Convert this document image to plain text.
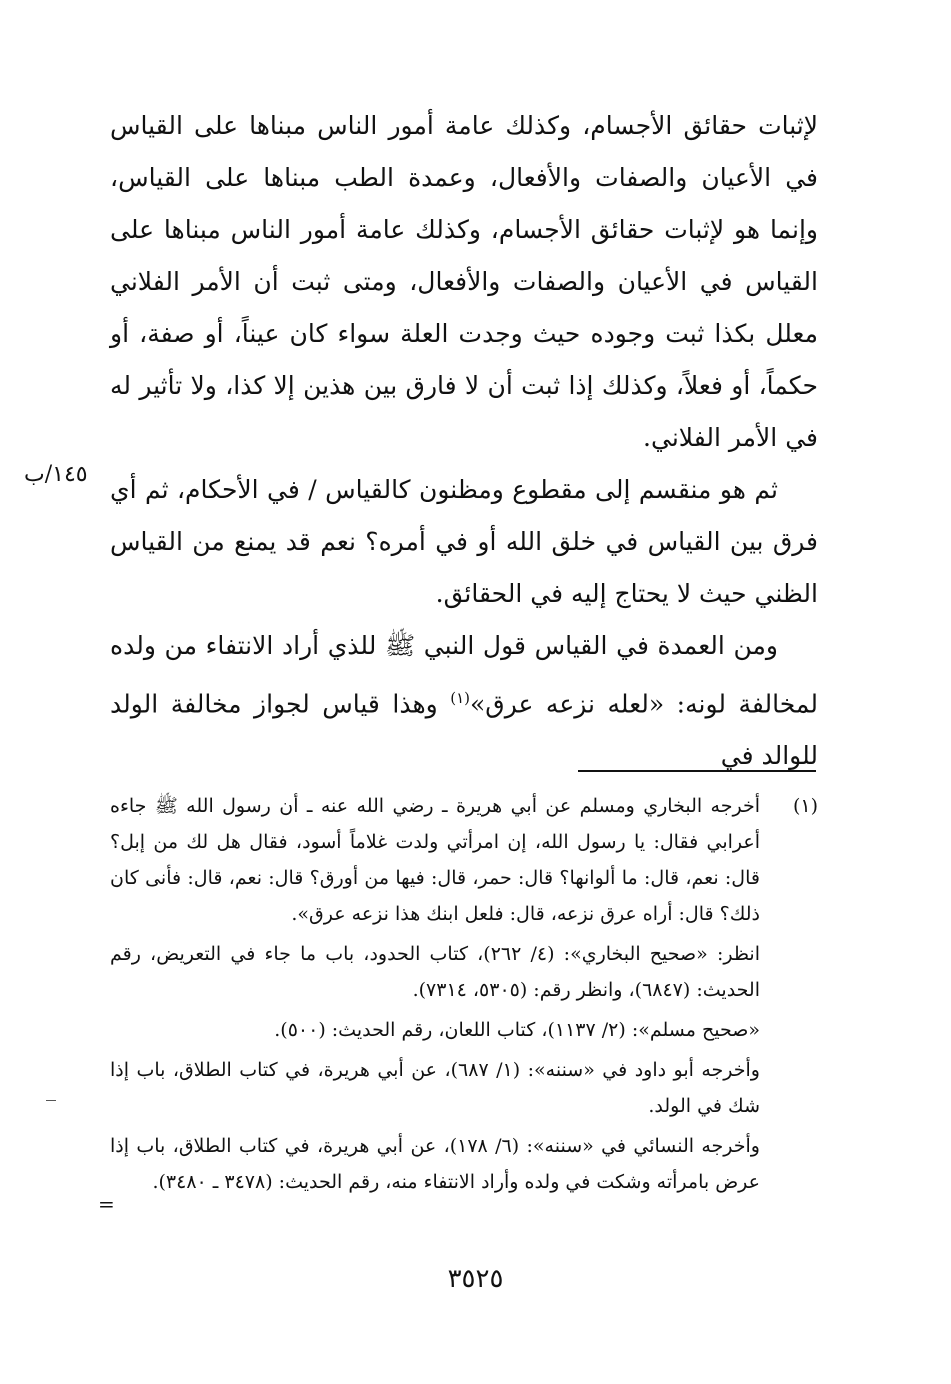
لإثبات حقائق الأجسام، وكذلك عامة أمور الناس مبناها على القياس في الأعيان والصفات والأفعال، وعمدة الطب مبناها على القياس، وإنما هو لإثبات حقائق الأجسام، وكذلك عامة أمور الناس مبناها على القياس في الأعيان والصفات والأفعال، ومتى ثبت أن الأمر الفلاني معلل بكذا ثبت وجوده حيث وجدت العلة سواء كان عيناً، أو صفة، أو حكماً، أو فعلاً، وكذلك إذا ثبت أن لا فارق بين هذين إلا كذا، ولا تأثير له في الأمر الفلاني.

ثم هو منقسم إلى مقطوع ومظنون كالقياس / في الأحكام، ثم أي فرق بين القياس في خلق الله أو في أمره؟ نعم قد يمنع من القياس الظني حيث لا يحتاج إليه في الحقائق.

ومن العمدة في القياس قول النبي ﷺ للذي أراد الانتفاء من ولده لمخالفة لونه: «لعله نزعه عرق»$^{(١)}$ وهذا قياس لجواز مخالفة الولد للوالد في

١٤٥/ب
(١)

أخرجه البخاري ومسلم عن أبي هريرة ـ رضي الله عنه ـ أن رسول الله ﷺ جاءه أعرابي فقال: يا رسول الله، إن امرأتي ولدت غلاماً أسود، فقال هل لك من إبل؟ قال: نعم، قال: ما ألوانها؟ قال: حمر، قال: فيها من أورق؟ قال: نعم، قال: فأنى كان ذلك؟ قال: أراه عرق نزعه، قال: فلعل ابنك هذا نزعه عرق».

انظر: «صحيح البخاري»: (٤/ ٢٦٢)، كتاب الحدود، باب ما جاء في التعريض، رقم الحديث: (٦٨٤٧)، وانظر رقم: (٥٣٠٥، ٧٣١٤).

«صحيح مسلم»: (٢/ ١١٣٧)، كتاب اللعان، رقم الحديث: (٥٠٠).

وأخرجه أبو داود في «سننه»: (١/ ٦٨٧)، عن أبي هريرة، في كتاب الطلاق، باب إذا شك في الولد.

وأخرجه النسائي في «سننه»: (٦/ ١٧٨)، عن أبي هريرة، في كتاب الطلاق، باب إذا عرض بامرأته وشكت في ولده وأراد الانتفاء منه، رقم الحديث: (٣٤٧٨ ـ ٣٤٨٠).

=
٣٥٢٥
